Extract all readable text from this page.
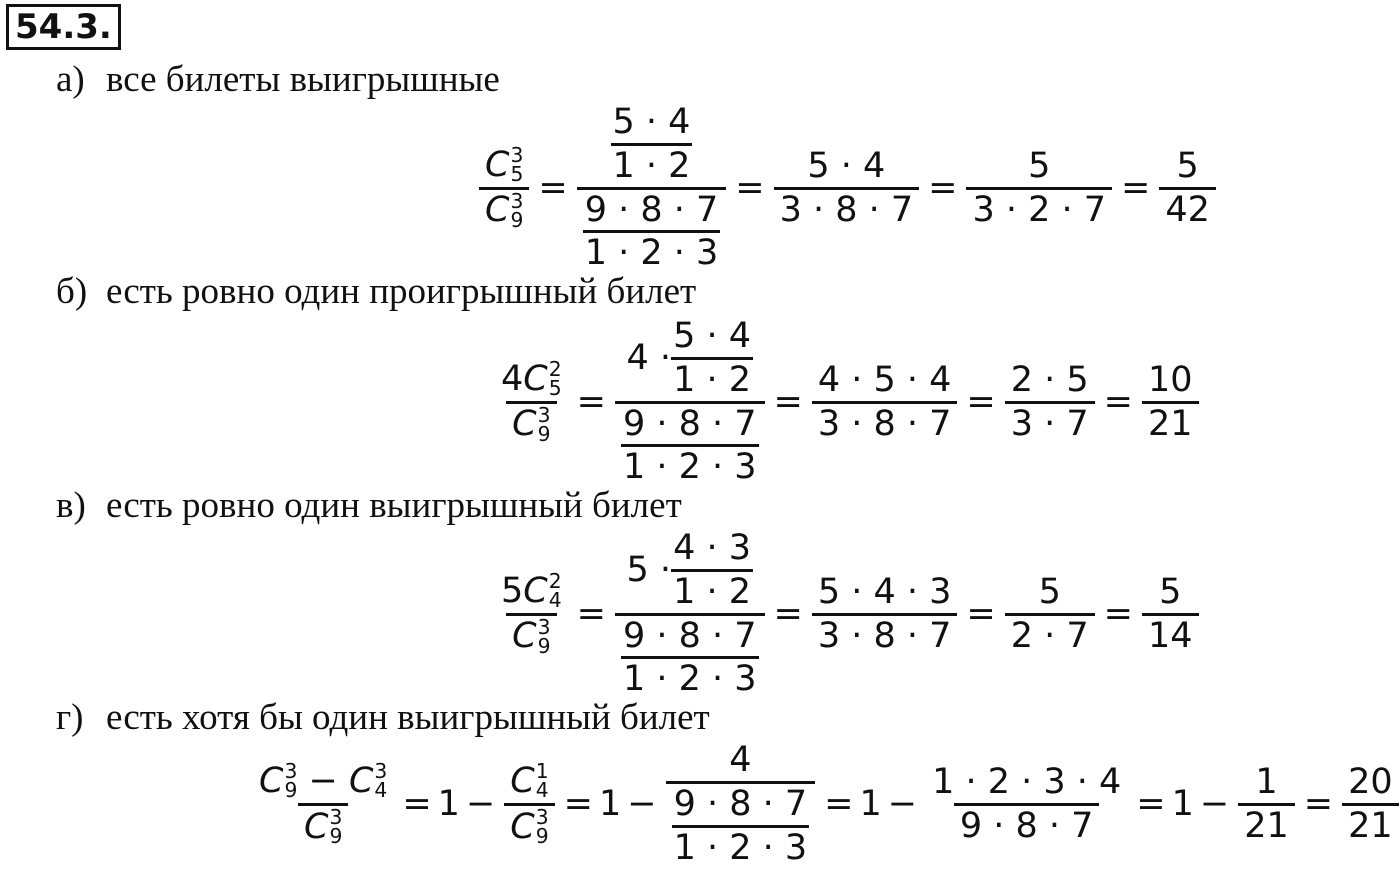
54.3.
а) все билеты выигрышные
C 3
5
C 3
$9 = \frac{\frac{5 \cdot 4}{1 \cdot 2}}{\frac{9 \cdot 8 \cdot 7}{1 \cdot 2 \cdot 3}} = \frac{5 \cdot 4}{3 \cdot 8 \cdot 7} = \frac{5}{3 \cdot 2 \cdot 7} = \frac{5}{42}$
б) есть ровно один проигрышный билет
4 C 2
5
C 3
$9 = \frac{4 \cdot \frac{5 \cdot 4}{1 \cdot 2}}{\frac{9 \cdot 8 \cdot 7}{1 \cdot 2 \cdot 3}} = \frac{4 \cdot 5 \cdot 4}{3 \cdot 8 \cdot 7} = \frac{2 \cdot 5}{3 \cdot 7} = \frac{10}{21}$
в) есть ровно один выигрышный билет
5 C 2
4
C 3
$9 = \frac{5 \cdot \frac{4 \cdot 3}{1 \cdot 2}}{\frac{9 \cdot 8 \cdot 7}{1 \cdot 2 \cdot 3}} = \frac{5 \cdot 4 \cdot 3}{3 \cdot 8 \cdot 7} = \frac{5}{2 \cdot 7} = \frac{5}{14}$
г) есть хотя бы один выигрышный билет
C 3
9 − C 3
4
C 3
9 = 1 − C 1
4
C 3
$9 = 1 - \frac{4}{\frac{9 \cdot 8 \cdot 7}{1 \cdot 2 \cdot 3}} = 1 - \frac{1 \cdot 2 \cdot 3 \cdot 4}{9 \cdot 8 \cdot 7} = 1 - \frac{1}{21} = \frac{20}{21}$
